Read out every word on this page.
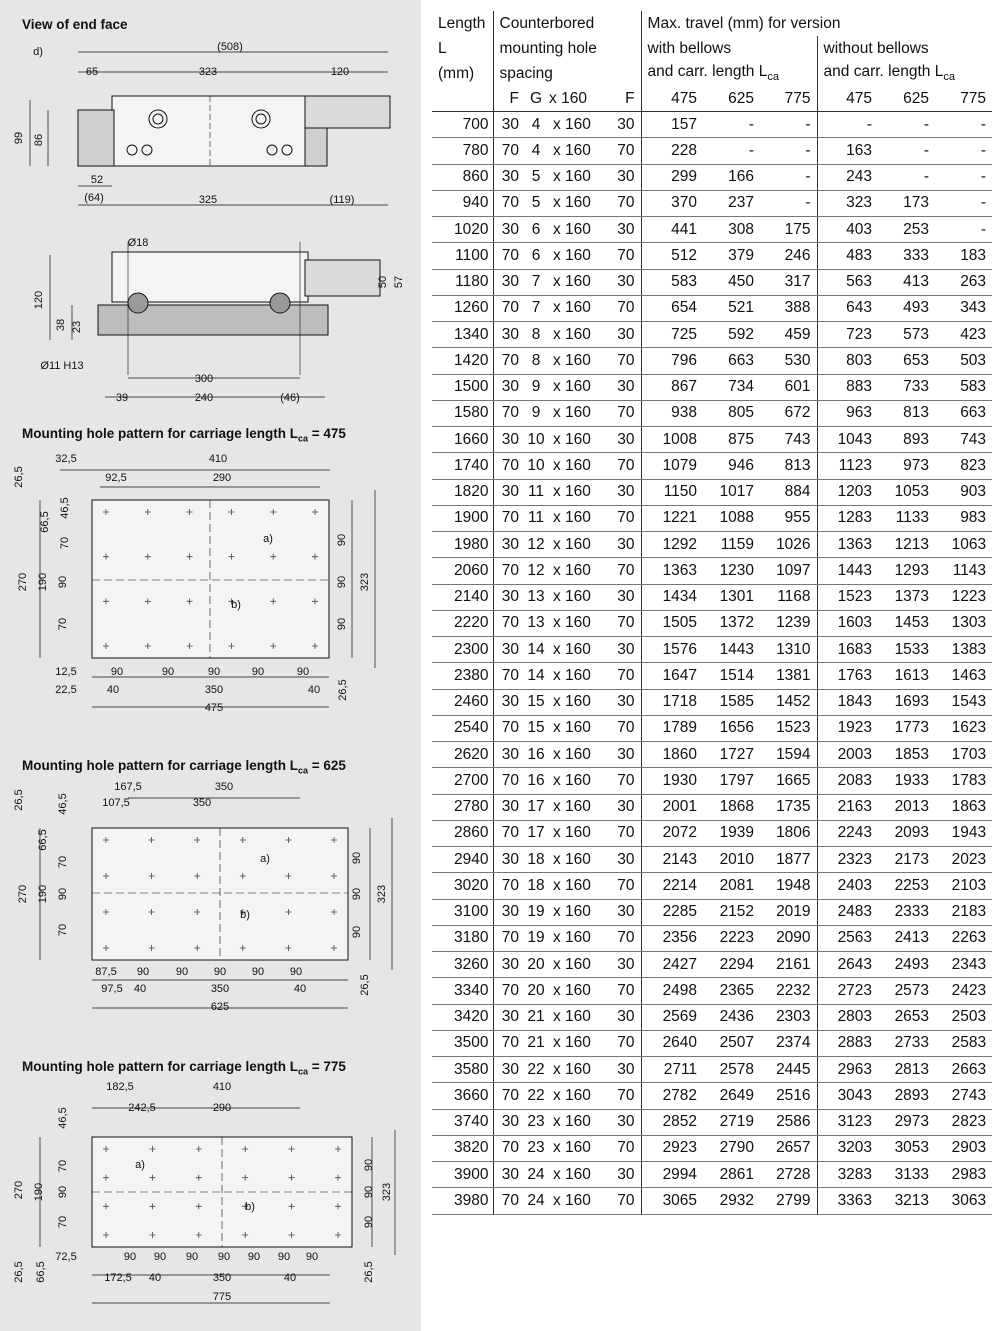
d)	(508)
65	323	120
99 86
52
(64)	325	(119)
Ø18
120
38 23
50 57
Ø11 H13
300
39	240	(46)
32,5	410
92,5	290
26,5
66,5
46,5
70
270 190 90
70
90
90
90
323
a)
b)
12,5	90	90	90	90	90
22,5	40	350	40 26,5
475
167,5	350
107,5	350
26,5	46,5
66,5
70
270 190 90
70
90
90
90
323
a)
b)
87,5 90 90 90 90 90
97,5 40	350	40	26,5
625
182,5	410
242,5	290
46,5
70
270 190 90
70
90
90
90
323
a)
b)
72,5	90 90 90 90 90 90 90
172,5 40	350	40
26,5 66,5	26,5
775
View of end face
Mounting hole pattern for carriage length $L_{ca} = 475$
Mounting hole pattern for carriage length $L_{ca} = 625$
Mounting hole pattern for carriage length $L_{ca} = 775$
Length	Counterbored				Max. travel (mm) for version					
L	mounting hole				with bellows			without bellows		
(mm)	spacing				and carr. length $L_{ca}$			and carr. length $L_{ca}$
	F	G	x 160	F	475	625	775	475	625	775
700	30	4	x 160	30	157	-	-	-	-	-
780	70	4	x 160	70	228	-	-	163	-	-
860	30	5	x 160	30	299	166	-	243	-	-
940	70	5	x 160	70	370	237	-	323	173	-
1020	30	6	x 160	30	441	308	175	403	253	-
1100	70	6	x 160	70	512	379	246	483	333	183
1180	30	7	x 160	30	583	450	317	563	413	263
1260	70	7	x 160	70	654	521	388	643	493	343
1340	30	8	x 160	30	725	592	459	723	573	423
1420	70	8	x 160	70	796	663	530	803	653	503
1500	30	9	x 160	30	867	734	601	883	733	583
1580	70	9	x 160	70	938	805	672	963	813	663
1660	30	10	x 160	30	1008	875	743	1043	893	743
1740	70	10	x 160	70	1079	946	813	1123	973	823
1820	30	11	x 160	30	1150	1017	884	1203	1053	903
1900	70	11	x 160	70	1221	1088	955	1283	1133	983
1980	30	12	x 160	30	1292	1159	1026	1363	1213	1063
2060	70	12	x 160	70	1363	1230	1097	1443	1293	1143
2140	30	13	x 160	30	1434	1301	1168	1523	1373	1223
2220	70	13	x 160	70	1505	1372	1239	1603	1453	1303
2300	30	14	x 160	30	1576	1443	1310	1683	1533	1383
2380	70	14	x 160	70	1647	1514	1381	1763	1613	1463
2460	30	15	x 160	30	1718	1585	1452	1843	1693	1543
2540	70	15	x 160	70	1789	1656	1523	1923	1773	1623
2620	30	16	x 160	30	1860	1727	1594	2003	1853	1703
2700	70	16	x 160	70	1930	1797	1665	2083	1933	1783
2780	30	17	x 160	30	2001	1868	1735	2163	2013	1863
2860	70	17	x 160	70	2072	1939	1806	2243	2093	1943
2940	30	18	x 160	30	2143	2010	1877	2323	2173	2023
3020	70	18	x 160	70	2214	2081	1948	2403	2253	2103
3100	30	19	x 160	30	2285	2152	2019	2483	2333	2183
3180	70	19	x 160	70	2356	2223	2090	2563	2413	2263
3260	30	20	x 160	30	2427	2294	2161	2643	2493	2343
3340	70	20	x 160	70	2498	2365	2232	2723	2573	2423
3420	30	21	x 160	30	2569	2436	2303	2803	2653	2503
3500	70	21	x 160	70	2640	2507	2374	2883	2733	2583
3580	30	22	x 160	30	2711	2578	2445	2963	2813	2663
3660	70	22	x 160	70	2782	2649	2516	3043	2893	2743
3740	30	23	x 160	30	2852	2719	2586	3123	2973	2823
3820	70	23	x 160	70	2923	2790	2657	3203	3053	2903
3900	30	24	x 160	30	2994	2861	2728	3283	3133	2983
3980	70	24	x 160	70	3065	2932	2799	3363	3213	3063
